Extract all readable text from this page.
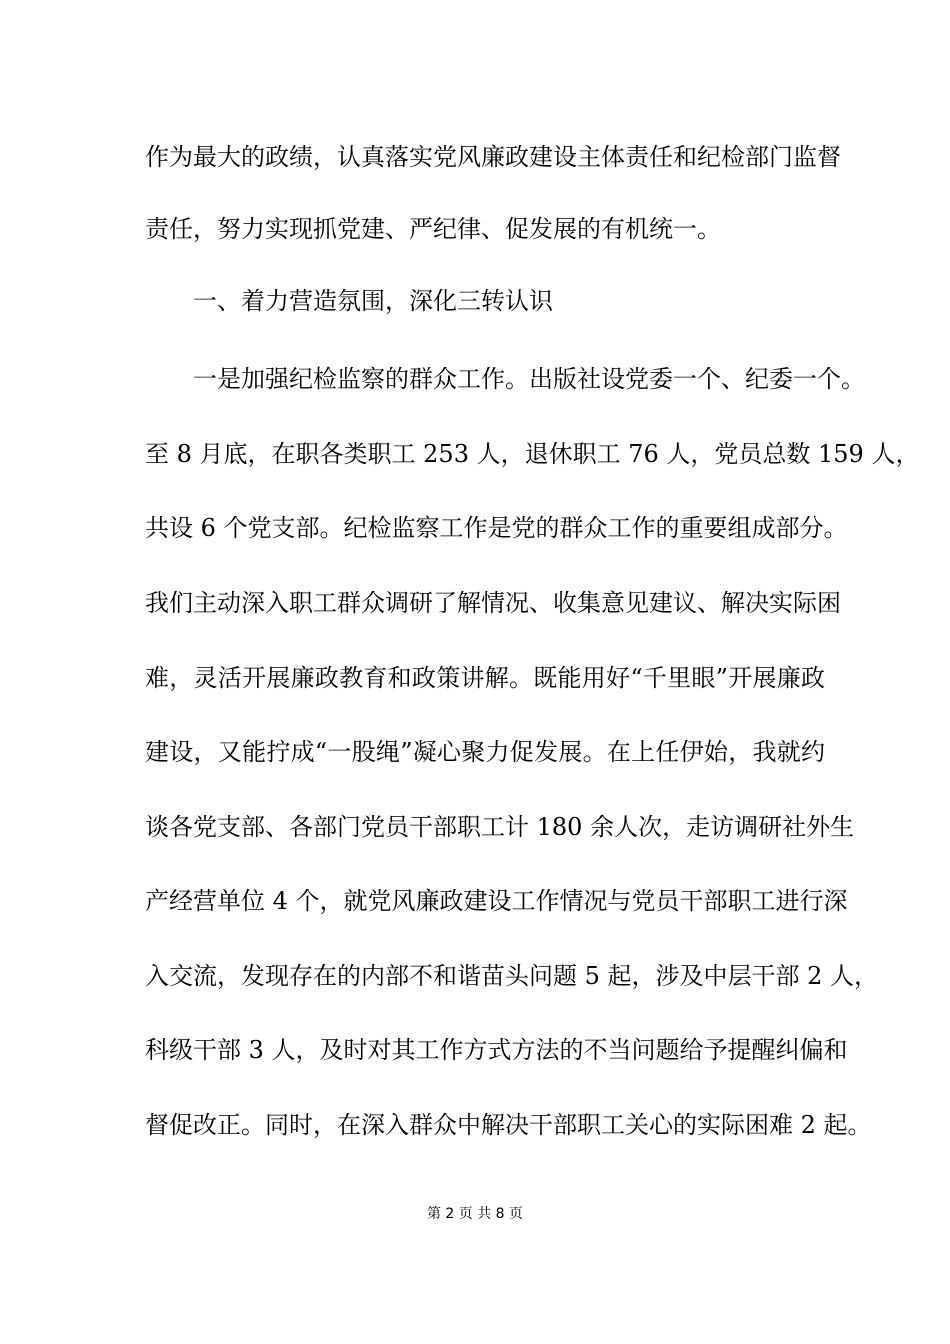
作为最大的政绩，认真落实党风廉政建设主体责任和纪检部门监督
责任，努力实现抓党建、严纪律、促发展的有机统一。
一、着力营造氛围，深化三转认识
一是加强纪检监察的群众工作。出版社设党委一个、纪委一个。
至 8 月底，在职各类职工 253 人，退休职工 76 人，党员总数 159 人，
共设 6 个党支部。纪检监察工作是党的群众工作的重要组成部分。
我们主动深入职工群众调研了解情况、收集意见建议、解决实际困
难，灵活开展廉政教育和政策讲解。既能用好“千里眼”开展廉政
建设，又能拧成“一股绳”凝心聚力促发展。在上任伊始，我就约
谈各党支部、各部门党员干部职工计 180 余人次，走访调研社外生
产经营单位 4 个，就党风廉政建设工作情况与党员干部职工进行深
入交流，发现存在的内部不和谐苗头问题 5 起，涉及中层干部 2 人，
科级干部 3 人，及时对其工作方式方法的不当问题给予提醒纠偏和
督促改正。同时，在深入群众中解决干部职工关心的实际困难 2 起。
第 2 页 共 8 页
